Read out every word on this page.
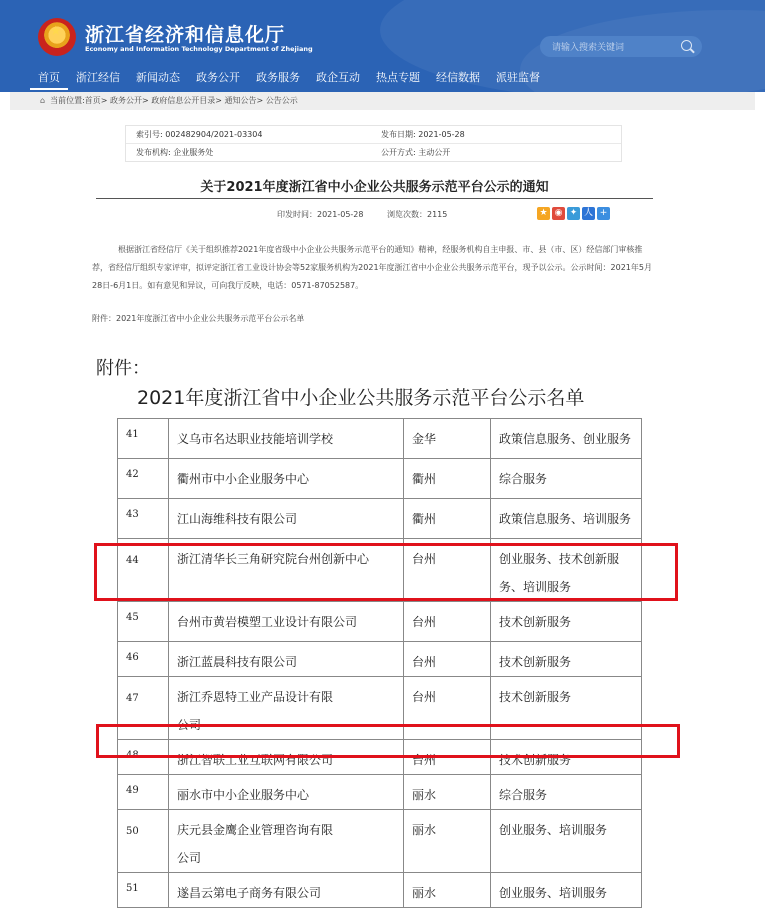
★
浙江省经济和信息化厅
Economy and Information Technology Department of Zhejiang
请输入搜索关键词
首页	浙江经信	新闻动态	政务公开	政务服务	政企互动	热点专题	经信数据	派驻监督
⌂ 当前位置:首页> 政务公开> 政府信息公开目录> 通知公告> 公告公示
索引号: 002482904/2021-03304	发布日期: 2021-05-28
发布机构: 企业服务处	公开方式: 主动公开
关于2021年度浙江省中小企业公共服务示范平台公示的通知
印发时间：2021-05-28	浏览次数：2115	★ ◉ ✦ 人 +
根据浙江省经信厅《关于组织推荐2021年度省级中小企业公共服务示范平台的通知》精神，经服务机构自主申报、市、县（市、区）经信部门审核推荐，省经信厅组织专家评审，拟评定浙江省工业设计协会等52家服务机构为2021年度浙江省中小企业公共服务示范平台，现予以公示。公示时间：2021年5月28日-6月1日。如有意见和异议，可向我厅反映，电话：0571-87052587。
附件：2021年度浙江省中小企业公共服务示范平台公示名单
附件：
2021年度浙江省中小企业公共服务示范平台公示名单
41	义乌市名达职业技能培训学校	金华	政策信息服务、创业服务

42	衢州市中小企业服务中心	衢州	综合服务

43	江山海维科技有限公司	衢州	政策信息服务、培训服务

44	浙江清华长三角研究院台州创新中心	台州	创业服务、技术创新服
务、培训服务

45	台州市黄岩模塑工业设计有限公司	台州	技术创新服务

46	浙江蓝晨科技有限公司	台州	技术创新服务

47	浙江乔恩特工业产品设计有限
公司	台州	技术创新服务

48	浙江智联工业互联网有限公司	台州	技术创新服务

49	丽水市中小企业服务中心	丽水	综合服务

50	庆元县金鹰企业管理咨询有限
公司	丽水	创业服务、培训服务

51	遂昌云第电子商务有限公司	丽水	创业服务、培训服务
